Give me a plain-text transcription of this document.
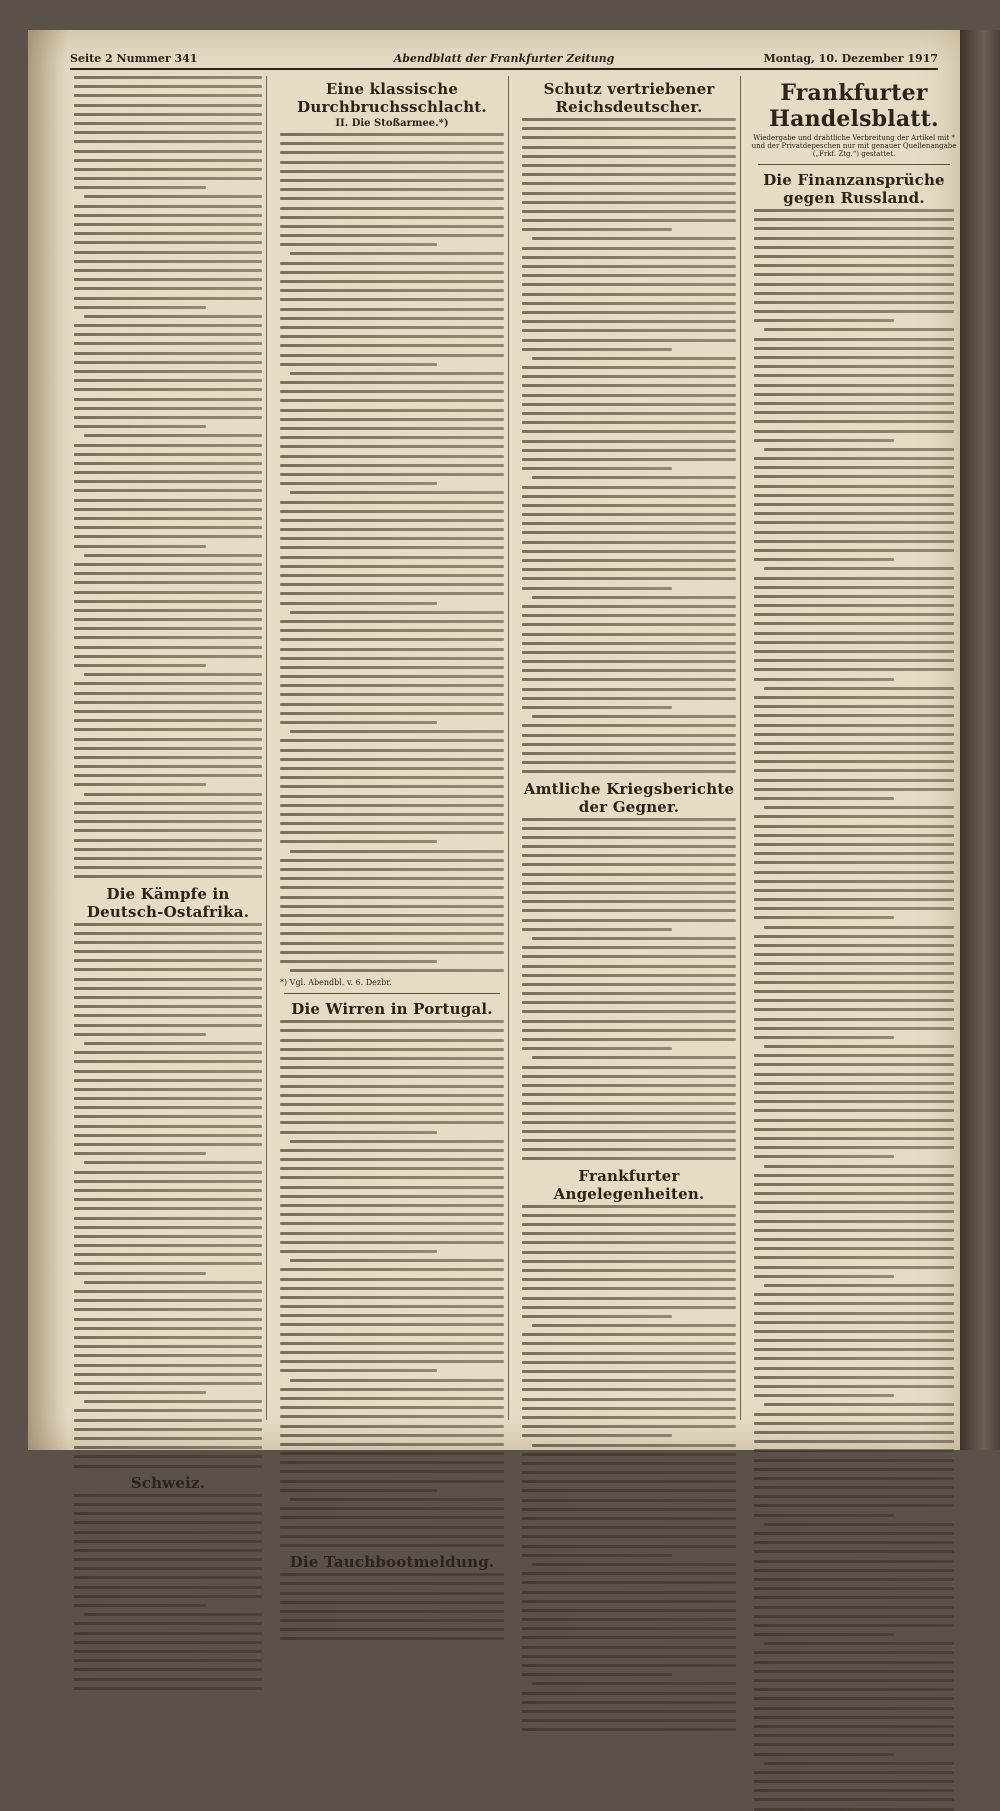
Seite 2 Nummer 341	Abendblatt der Frankfurter Zeitung	Montag, 10. Dezember 1917
Die Kämpfe in Deutsch-Ostafrika.
Schweiz.
Eine klassische Durchbruchsschlacht.
II. Die Stoßarmee.*)
*) Vgl. Abendbl. v. 6. Dezbr.
Die Wirren in Portugal.
Die Tauchbootmeldung.
Schutz vertriebener Reichsdeutscher.
Amtliche Kriegsberichte der Gegner.
Frankfurter Angelegenheiten.
Frankfurter Handelsblatt.
Wiedergabe und drahtliche Verbreitung der Artikel mit * und der Privatdepeschen nur mit genauer Quellenangabe („Frkf. Ztg.“) gestattet.
Die Finanzansprüche gegen Russland.
